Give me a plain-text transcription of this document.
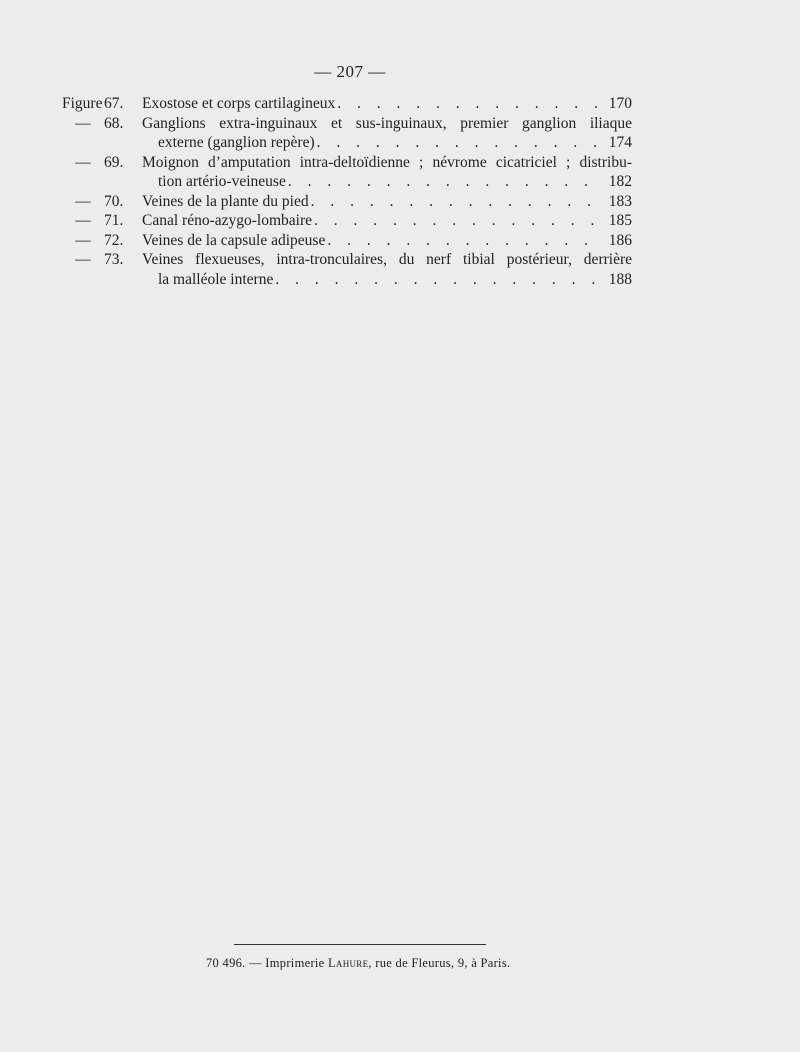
— 207 —
Figure67.	Exostose et corps cartilagineux . . .	170
— 68.	Ganglions extra-inguinaux et sus-inguinaux, premier ganglion iliaque
externe (ganglion repère) . . .	174
— 69.	Moignon d’amputation intra-deltoïdienne ; névrome cicatriciel ; distribu-
tion artério-veineuse . . .	182
— 70.	Veines de la plante du pied . . .	183
— 71.	Canal réno-azygo-lombaire . . .	185
— 72.	Veines de la capsule adipeuse . . .	186
— 73.	Veines flexueuses, intra-tronculaires, du nerf tibial postérieur, derrière
la malléole interne . . .	188
70 496. — Imprimerie Lahure, rue de Fleurus, 9, à Paris.
